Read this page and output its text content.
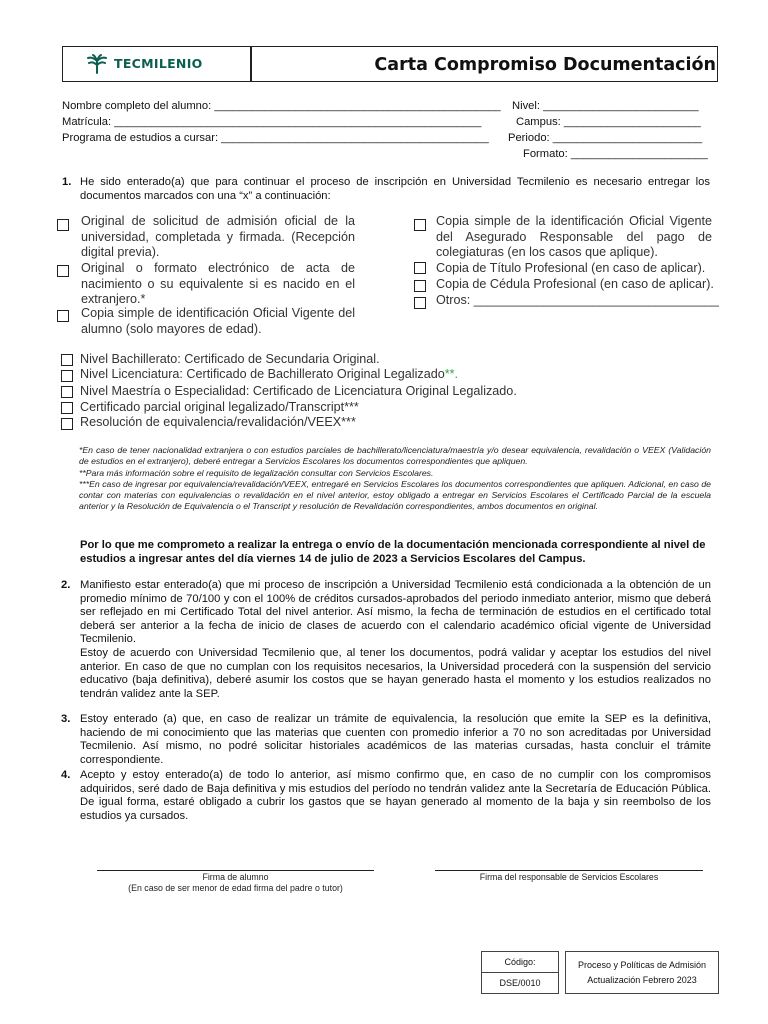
TECMILENIO	Carta Compromiso Documentación
Nombre completo del alumno: ______________________________________________
Matrícula: ___________________________________________________________
Programa de estudios a cursar: ___________________________________________
Nivel: _________________________
Campus: ______________________
Periodo: ________________________
Formato: ______________________
1. He sido enterado(a) que para continuar el proceso de inscripción en Universidad Tecmilenio es necesario entregar los documentos marcados con una “x” a continuación:
Original de solicitud de admisión oficial de la universidad, completada y firmada. (Recepción digital previa).
Original o formato electrónico de acta de nacimiento o su equivalente si es nacido en el extranjero.*
Copia simple de identificación Oficial Vigente del alumno (solo mayores de edad).
Copia simple de la identificación Oficial Vigente del Asegurado Responsable del pago de colegiaturas (en los casos que aplique).
Copia de Título Profesional (en caso de aplicar).
Copia de Cédula Profesional (en caso de aplicar).
Otros: ___________________________________
Nivel Bachillerato: Certificado de Secundaria Original.
Nivel Licenciatura: Certificado de Bachillerato Original Legalizado**.
Nivel Maestría o Especialidad: Certificado de Licenciatura Original Legalizado.
Certificado parcial original legalizado/Transcript***
Resolución de equivalencia/revalidación/VEEX***
*En caso de tener nacionalidad extranjera o con estudios parciales de bachillerato/licenciatura/maestría y/o desear equivalencia, revalidación o VEEX (Validación de estudios en el extranjero), deberé entregar a Servicios Escolares los documentos correspondientes que apliquen.
**Para más información sobre el requisito de legalización consultar con Servicios Escolares.
***En caso de ingresar por equivalencia/revalidación/VEEX, entregaré en Servicios Escolares los documentos correspondientes que apliquen. Adicional, en caso de contar con materias con equivalencias o revalidación en el nivel anterior, estoy obligado a entregar en Servicios Escolares el Certificado Parcial de la escuela anterior y la Resolución de Equivalencia o el Transcript y resolución de Revalidación correspondientes, ambos documentos en original.
Por lo que me comprometo a realizar la entrega o envío de la documentación mencionada correspondiente al nivel de estudios a ingresar antes del día viernes 14 de julio de 2023 a Servicios Escolares del Campus.
2. Manifiesto estar enterado(a) que mi proceso de inscripción a Universidad Tecmilenio está condicionada a la obtención de un promedio mínimo de 70/100 y con el 100% de créditos cursados-aprobados del periodo inmediato anterior, mismo que deberá ser reflejado en mi Certificado Total del nivel anterior. Así mismo, la fecha de terminación de estudios en el certificado total deberá ser anterior a la fecha de inicio de clases de acuerdo con el calendario académico oficial vigente de Universidad Tecmilenio.
Estoy de acuerdo con Universidad Tecmilenio que, al tener los documentos, podrá validar y aceptar los estudios del nivel anterior. En caso de que no cumplan con los requisitos necesarios, la Universidad procederá con la suspensión del servicio educativo (baja definitiva), deberé asumir los costos que se hayan generado hasta el momento y los estudios realizados no tendrán validez ante la SEP.
3. Estoy enterado (a) que, en caso de realizar un trámite de equivalencia, la resolución que emite la SEP es la definitiva, haciendo de mi conocimiento que las materias que cuenten con promedio inferior a 70 no son acreditadas por Universidad Tecmilenio. Así mismo, no podré solicitar historiales académicos de las materias cursadas, hasta concluir el trámite correspondiente.
4. Acepto y estoy enterado(a) de todo lo anterior, así mismo confirmo que, en caso de no cumplir con los compromisos adquiridos, seré dado de Baja definitiva y mis estudios del período no tendrán validez ante la Secretaría de Educación Pública. De igual forma, estaré obligado a cubrir los gastos que se hayan generado al momento de la baja y sin reembolso de los estudios ya cursados.
Firma de alumno
(En caso de ser menor de edad firma del padre o tutor)
Firma del responsable de Servicios Escolares
Código:		Proceso y Políticas de Admisión
Actualización Febrero 2023

DSE/0010		
